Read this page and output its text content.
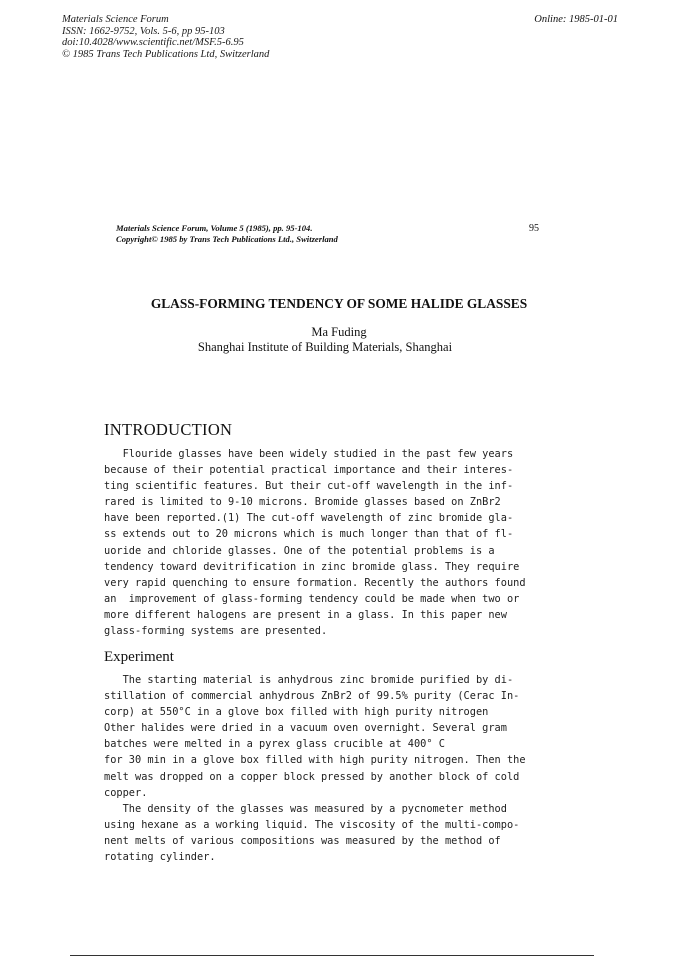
Materials Science Forum
ISSN: 1662-9752, Vols. 5-6, pp 95-103
doi:10.4028/www.scientific.net/MSF.5-6.95
© 1985 Trans Tech Publications Ltd, Switzerland
Online: 1985-01-01
Materials Science Forum, Volume 5 (1985), pp. 95-104.
Copyright© 1985 by Trans Tech Publications Ltd., Switzerland
95
GLASS-FORMING TENDENCY OF SOME HALIDE GLASSES
Ma Fuding
Shanghai Institute of Building Materials, Shanghai
INTRODUCTION
Flouride glasses have been widely studied in the past few years
because of their potential practical importance and their interes-
ting scientific features. But their cut-off wavelength in the inf-
rared is limited to 9-10 microns. Bromide glasses based on ZnBr2
have been reported.(1) The cut-off wavelength of zinc bromide gla-
ss extends out to 20 microns which is much longer than that of fl-
uoride and chloride glasses. One of the potential problems is a
tendency toward devitrification in zinc bromide glass. They require
very rapid quenching to ensure formation. Recently the authors found
an  improvement of glass-forming tendency could be made when two or
more different halogens are present in a glass. In this paper new
glass-forming systems are presented.
Experiment
The starting material is anhydrous zinc bromide purified by di-
stillation of commercial anhydrous ZnBr2 of 99.5% purity (Cerac In-
corp) at 550°C in a glove box filled with high purity nitrogen
Other halides were dried in a vacuum oven overnight. Several gram
batches were melted in a pyrex glass crucible at 400° C
for 30 min in a glove box filled with high purity nitrogen. Then the
melt was dropped on a copper block pressed by another block of cold
copper.
The density of the glasses was measured by a pycnometer method
using hexane as a working liquid. The viscosity of the multi-compo-
nent melts of various compositions was measured by the method of
rotating cylinder.
